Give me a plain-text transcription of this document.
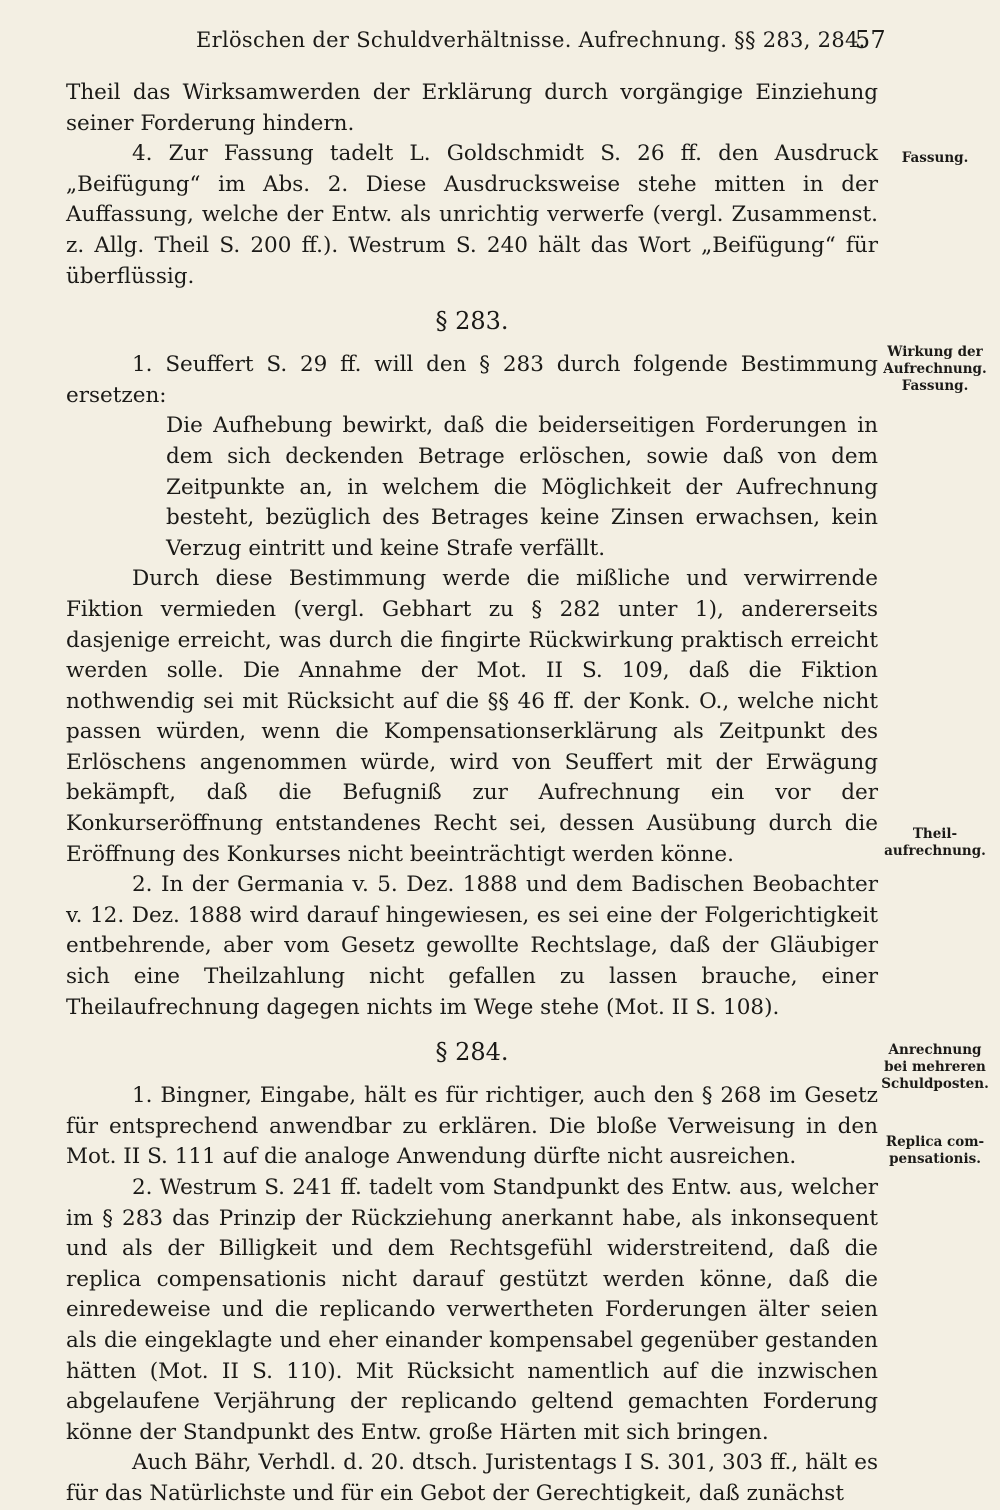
Erlöschen der Schuldverhältnisse. Aufrechnung. §§ 283, 284.
57

Theil das Wirksamwerden der Erklärung durch vorgängige Einziehung seiner Forderung hindern.

4. Zur Fassung tadelt L. Goldschmidt S. 26 ff. den Ausdruck „Beifügung“ im Abs. 2. Diese Ausdrucksweise stehe mitten in der Auffassung, welche der Entw. als unrichtig verwerfe (vergl. Zusammenst. z. Allg. Theil S. 200 ff.). Westrum S. 240 hält das Wort „Beifügung“ für überflüssig.

§ 283.

1. Seuffert S. 29 ff. will den § 283 durch folgende Bestimmung ersetzen:

Die Aufhebung bewirkt, daß die beiderseitigen Forderungen in dem sich deckenden Betrage erlöschen, sowie daß von dem Zeitpunkte an, in welchem die Möglichkeit der Aufrechnung besteht, bezüglich des Betrages keine Zinsen erwachsen, kein Verzug eintritt und keine Strafe verfällt.

Durch diese Bestimmung werde die mißliche und verwirrende Fiktion vermieden (vergl. Gebhart zu § 282 unter 1), andererseits dasjenige erreicht, was durch die fingirte Rückwirkung praktisch erreicht werden solle. Die Annahme der Mot. II S. 109, daß die Fiktion nothwendig sei mit Rücksicht auf die §§ 46 ff. der Konk. O., welche nicht passen würden, wenn die Kompensationserklärung als Zeitpunkt des Erlöschens angenommen würde, wird von Seuffert mit der Erwägung bekämpft, daß die Befugniß zur Aufrechnung ein vor der Konkurseröffnung entstandenes Recht sei, dessen Ausübung durch die Eröffnung des Konkurses nicht beeinträchtigt werden könne.

2. In der Germania v. 5. Dez. 1888 und dem Badischen Beobachter v. 12. Dez. 1888 wird darauf hingewiesen, es sei eine der Folgerichtigkeit entbehrende, aber vom Gesetz gewollte Rechtslage, daß der Gläubiger sich eine Theilzahlung nicht gefallen zu lassen brauche, einer Theilaufrechnung dagegen nichts im Wege stehe (Mot. II S. 108).

§ 284.

1. Bingner, Eingabe, hält es für richtiger, auch den § 268 im Gesetz für entsprechend anwendbar zu erklären. Die bloße Verweisung in den Mot. II S. 111 auf die analoge Anwendung dürfte nicht ausreichen.

2. Westrum S. 241 ff. tadelt vom Standpunkt des Entw. aus, welcher im § 283 das Prinzip der Rückziehung anerkannt habe, als inkonsequent und als der Billigkeit und dem Rechtsgefühl widerstreitend, daß die replica compensationis nicht darauf gestützt werden könne, daß die einredeweise und die replicando verwertheten Forderungen älter seien als die eingeklagte und eher einander kompensabel gegenüber gestanden hätten (Mot. II S. 110). Mit Rücksicht namentlich auf die inzwischen abgelaufene Verjährung der replicando geltend gemachten Forderung könne der Standpunkt des Entw. große Härten mit sich bringen.

Auch Bähr, Verhdl. d. 20. dtsch. Juristentags I S. 301, 303 ff., hält es für das Natürlichste und für ein Gebot der Gerechtigkeit, daß zunächst

Fassung.
Wirkung der
Aufrechnung.
Fassung.
Theil-
aufrechnung.
Anrechnung
bei mehreren
Schuldposten.
Replica com-
pensationis.
